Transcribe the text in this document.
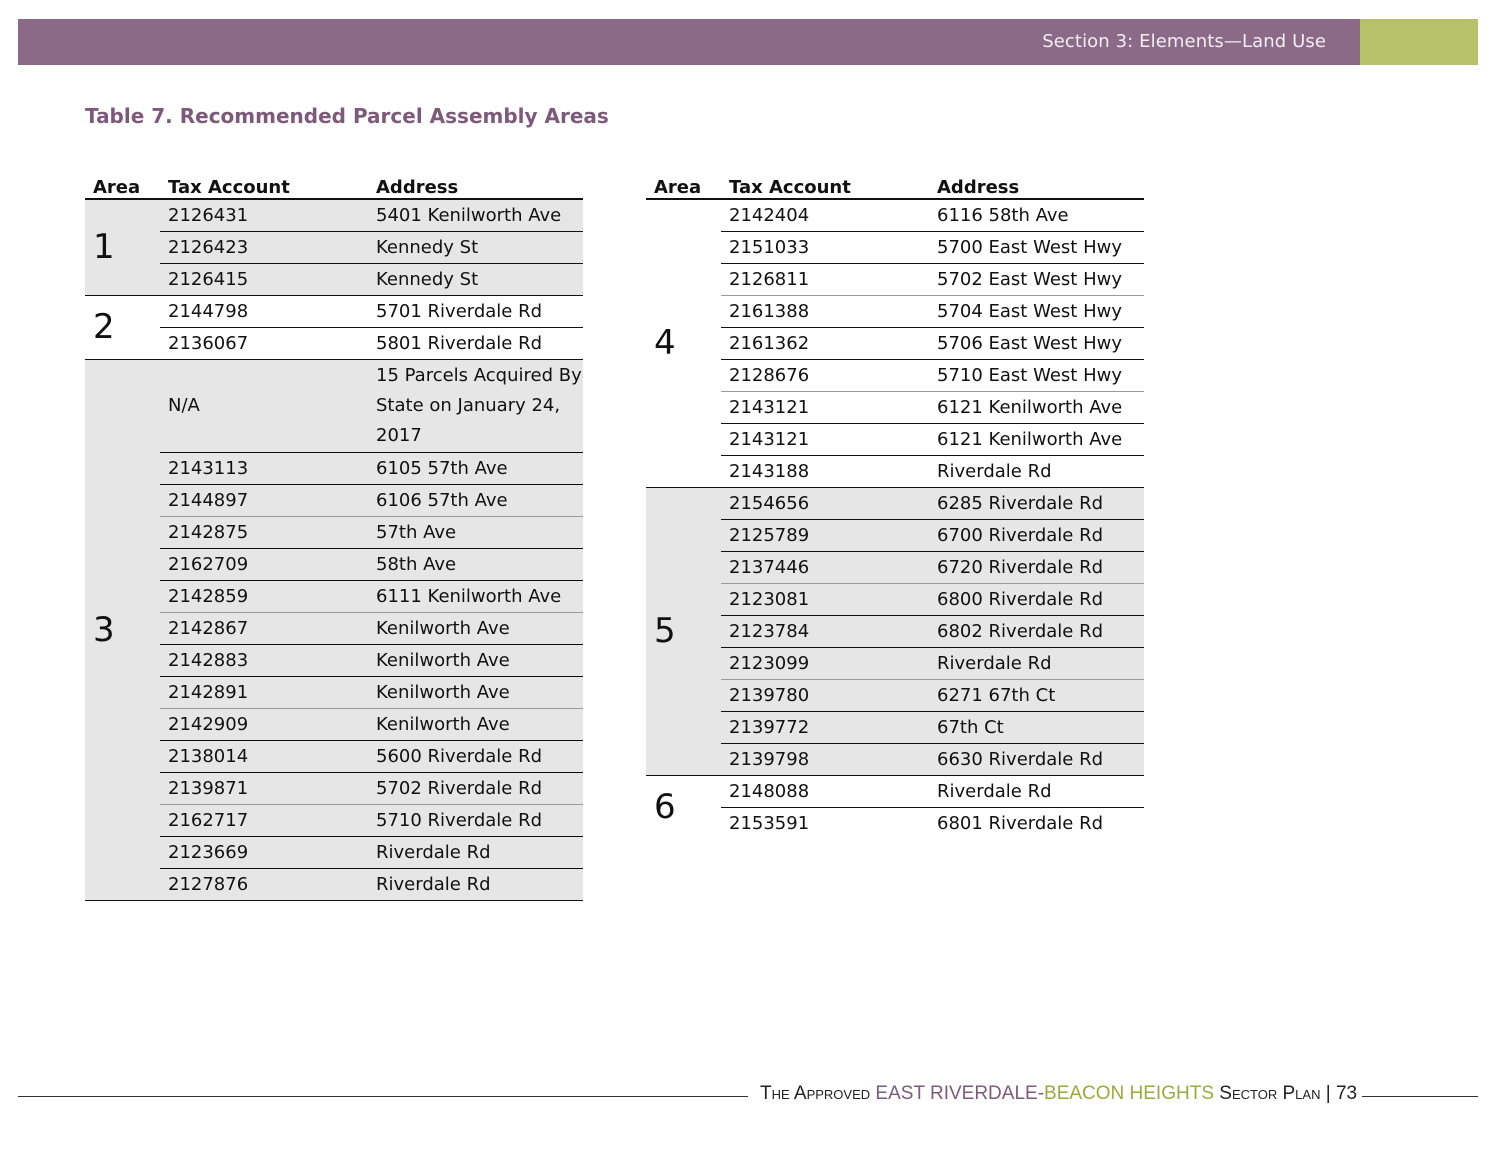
Section 3: Elements—Land Use
Table 7. Recommended Parcel Assembly Areas
Area	Tax Account	Address
1	2126431	5401 Kenilworth Ave
	2126423	Kennedy St
	2126415	Kennedy St
2	2144798	5701 Riverdale Rd
	2136067	5801 Riverdale Rd
3	N/A	15 Parcels Acquired By State on January 24, 2017
	2143113	6105 57th Ave
	2144897	6106 57th Ave
	2142875	57th Ave
	2162709	58th Ave
	2142859	6111 Kenilworth Ave
	2142867	Kenilworth Ave
	2142883	Kenilworth Ave
	2142891	Kenilworth Ave
	2142909	Kenilworth Ave
	2138014	5600 Riverdale Rd
	2139871	5702 Riverdale Rd
	2162717	5710 Riverdale Rd
	2123669	Riverdale Rd
	2127876	Riverdale Rd
Area	Tax Account	Address
4	2142404	6116 58th Ave
	2151033	5700 East West Hwy
	2126811	5702 East West Hwy
	2161388	5704 East West Hwy
	2161362	5706 East West Hwy
	2128676	5710 East West Hwy
	2143121	6121 Kenilworth Ave
	2143121	6121 Kenilworth Ave
	2143188	Riverdale Rd
5	2154656	6285 Riverdale Rd
	2125789	6700 Riverdale Rd
	2137446	6720 Riverdale Rd
	2123081	6800 Riverdale Rd
	2123784	6802 Riverdale Rd
	2123099	Riverdale Rd
	2139780	6271 67th Ct
	2139772	67th Ct
	2139798	6630 Riverdale Rd
6	2148088	Riverdale Rd
	2153591	6801 Riverdale Rd
The Approved EAST RIVERDALE-BEACON HEIGHTS Sector Plan | 73
